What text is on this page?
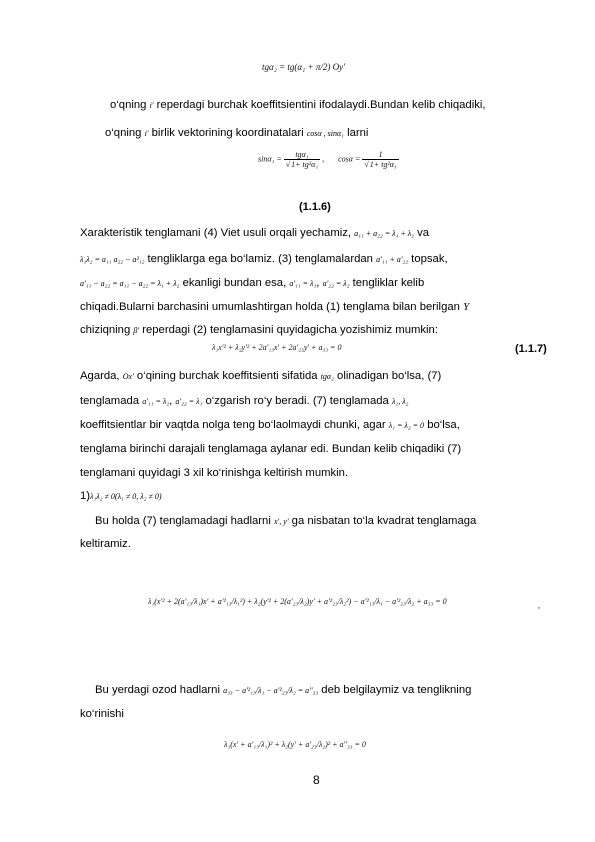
tgα₂ = tg(α₁ + π/2) Oy'
o‘qning i' reperdagi burchak koeffitsientini ifodalaydi.Bundan kelib chiqadiki,
o‘qning i' birlik vektorining koordinatalari cosα , sinα₁ larni
$\sin\alpha_1 = \frac{\text{tgα₁}}{\text{√1+ tg²α₁}}$ , $\cos\alpha = \frac{1}{\text{√1+ tg²α₁}}$
(1.1.6)
Xarakteristik tenglamani (4) Viet usuli orqali yechamiz, a₁₁ + a₂₂ = λ₁ + λ₂ va
λ₁λ₂ = a₁₁ a₂₂ − a²₁₂ tengliklarga ega bo‘lamiz. (3) tenglamalardan a'₁₁ + a'₂₂ topsak,
a'₁₁ − a₂₂ = a₁₁ − a₂₂ = λ₁ + λ₂ ekanligi bundan esa, a'₁₁ = λ₁, a'₂₂ = λ₂ tengliklar kelib
chiqadi.Bularni barchasini umumlashtirgan holda (1) tenglama bilan berilgan Υ
chiziqning β' reperdagi (2) tenglamasini quyidagicha yozishimiz mumkin:
λ₁x'² + λ₂y'² + 2a'₁₃x' + 2a'₂₃y' + a₃₃ = 0	(1.1.7)
Agarda, Ox' o‘qining burchak koeffitsienti sifatida tgα₂ olinadigan bo‘lsa, (7)
tenglamada a'₁₁ = λ₂, a'₂₂ = λ₁ o‘zgarish ro‘y beradi. (7) tenglamada λ₁, λ₂
koeffitsientlar bir vaqtda nolga teng bo‘laolmaydi chunki, agar λ₁ = λ₂ = 0 bo‘lsa,
tenglama birinchi darajali tenglamaga aylanar edi. Bundan kelib chiqadiki (7)
tenglamani quyidagi 3 xil ko‘rinishga keltirish mumkin.
1)λ₁λ₂ ≠ 0(λ₁ ≠ 0, λ₂ ≠ 0)
Bu holda (7) tenglamadagi hadlarni x', y' ga nisbatan to‘la kvadrat tenglamaga
keltiramiz.
λ₁(x'² + 2(a'₁₃/λ₁)x' + a'²₁₃/λ₁²) + λ₂(y'² + 2(a'₂₃/λ₂)y' + a'²₂₃/λ₂²) − a'²₁₃/λ₁ − a'²₂₃/λ₂ + a₃₃ = 0	,
Bu yerdagi ozod hadlarni a₃₃ − a'²₁₃/λ₁ − a'²₂₃/λ₂ = a''₃₃ deb belgilaymiz va tenglikning
ko‘rinishi
λ₁(x' + a'₁₃/λ₁)² + λ₂(y' + a'₂₃/λ₂)² + a''₃₃ = 0
8
